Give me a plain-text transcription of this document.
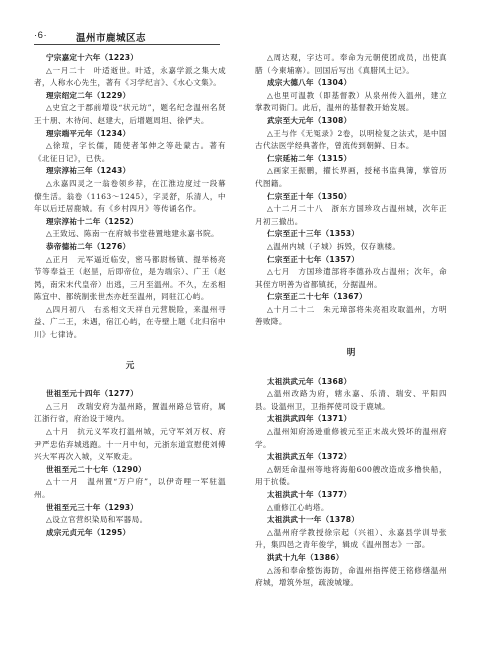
·6·	温州市鹿城区志
宁宗嘉定十六年（1223）
△一月二十　叶适逝世。叶适，永嘉学派之集大成者，人称水心先生，著有《习学纪言》、《水心文集》。
理宗绍定二年（1229）
△史宜之于郡前增设“状元坊”，题名纪念温州名贤王十朋、木待问、赵建大，后增题周坦、徐俨夫。
理宗端平元年（1234）
△徐瑄，字长儒，随使者邹伸之等赴蒙古。著有《北征日记》，已佚。
理宗淳祐三年（1243）
△永嘉四灵之一翁卷领乡荐，在江淮边度过一段幕僚生活。翁卷（1163～1245），字灵舒，乐清人，中年以后迁居鹿城。有《乡村四月》等传诵名作。
理宗淳祐十二年（1252）
△王致远、陈南一在府城书堂巷置地建永嘉书院。
恭帝德祐二年（1276）
△正月　元军逼近临安，密马都尉杨镇、提举杨亮节等奉益王（赵昰，后即帝位，是为端宗）、广王（赵昺，南宋末代皇帝）出逃，三月至温州。不久，左丞相陈宜中、都统制张世杰亦赶至温州，同驻江心屿。
△四月初八　右丞相文天祥自元营脱险，来温州寻益、广二王，未遇，宿江心屿，在寺壁上题《北归宿中川》七律诗。
元
世祖至元十四年（1277）
△三月　改瑞安府为温州路，置温州路总管府，属江浙行省，府治设于境内。
△十月　抗元义军攻打温州城，元守军刘万权、府尹严忠佑弃城逃跑。十一月中旬，元浙东道宣慰使刘傅兴大军再次入城，义军败走。
世祖至元二十七年（1290）
△十一月　温州置“万户府”，以伊奇哩一军驻温州。
世祖至元三十年（1293）
△设立官营织染局和军器局。
成宗元贞元年（1295）
△周达观，字达可。奉命为元朝使团成员，出使真腊（今柬埔寨）。回国后写出《真腊风土记》。
成宗大德八年（1304）
△也里可温教（即基督教）从泉州传入温州，建立掌教司衙门。此后，温州的基督教开始发展。
武宗至大元年（1308）
△王与作《无冤录》2卷，以明检复之法式，是中国古代法医学经典著作，曾流传到朝鲜、日本。
仁宗延祐二年（1315）
△画家王振鹏，擢长界画，授秘书监典簿，掌管历代图籍。
仁宗至正十年（1350）
△十二月二十八　浙东方国珍攻占温州城，次年正月初三撤出。
仁宗至正十三年（1353）
△温州内城（子城）拆毁，仅存谯楼。
仁宗至正十七年（1357）
△七月　方国珍遣部将李德孙攻占温州；次年，命其侄方明善为省都镇抚，分据温州。
仁宗至正二十七年（1367）
△十月二十二　朱元璋部将朱亮祖攻取温州，方明善败降。
明
太祖洪武元年（1368）
△温州改路为府，辖永嘉、乐清、瑞安、平阳四县。设温州卫，卫指挥使司设于鹿城。
太祖洪武四年（1371）
△温州知府汤逊重修被元至正末战火毁坏的温州府学。
太祖洪武五年（1372）
△朝廷命温州等地将海船600艘改造成多橹快船，用于抗倭。
太祖洪武十年（1377）
△重修江心屿塔。
太祖洪武十一年（1378）
△温州府学教授徐宗起（兴祖）、永嘉县学训导张升，集四邑之青年俊学，辑成《温州图志》一部。
洪武十九年（1386）
△汤和奉命整饬海防，命温州指挥使王铭修缮温州府城，增筑外垣，疏浚城壕。
